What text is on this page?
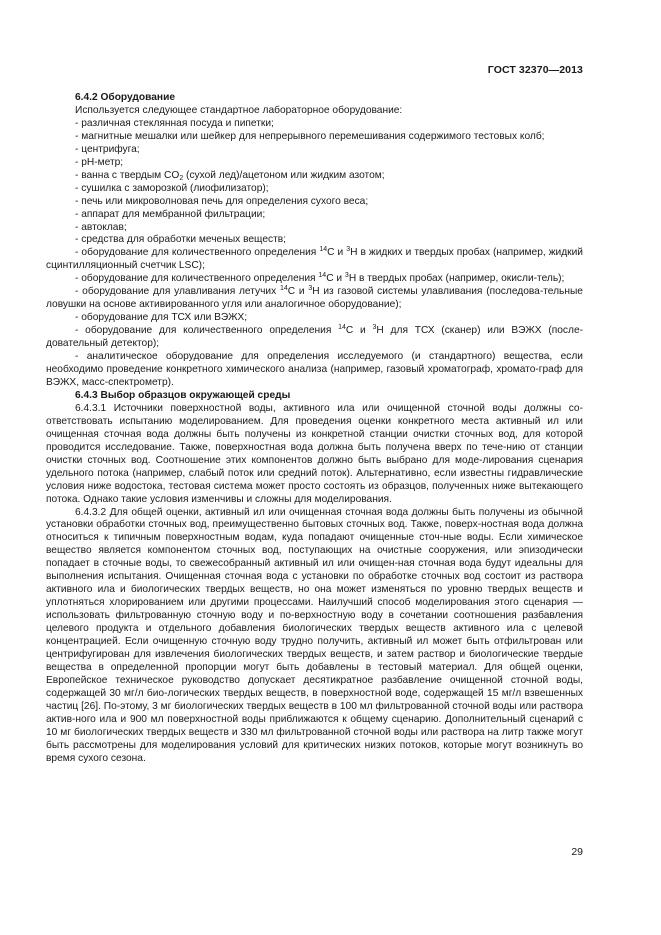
ГОСТ 32370—2013

6.4.2 Оборудование

Используется следующее стандартное лабораторное оборудование:

- различная стеклянная посуда и пипетки;

- магнитные мешалки или шейкер для непрерывного перемешивания содержимого тестовых колб;

- центрифуга;

- pH-метр;

- ванна с твердым $CO_2$ (сухой лед)/ацетоном или жидким азотом;

- сушилка с заморозкой (лиофилизатор);

- печь или микроволновая печь для определения сухого веса;

- аппарат для мембранной фильтрации;

- автоклав;

- средства для обработки меченых веществ;

- оборудование для количественного определения $^{14}$C и $^3$H в жидких и твердых пробах (например, жидкий сцинтилляционный счетчик LSC);

- оборудование для количественного определения $^{14}$C и $^3$H в твердых пробах (например, окисли-тель);

- оборудование для улавливания летучих $^{14}$C и $^3$H из газовой системы улавливания (последова-тельные ловушки на основе активированного угля или аналогичное оборудование);

- оборудование для ТСХ или ВЭЖХ;

- оборудование для количественного определения $^{14}$C и $^3$H для ТСХ (сканер) или ВЭЖХ (после-довательный детектор);

- аналитическое оборудование для определения исследуемого (и стандартного) вещества, если необходимо проведение конкретного химического анализа (например, газовый хроматограф, хромато-граф для ВЭЖХ, масс-спектрометр).

6.4.3 Выбор образцов окружающей среды

6.4.3.1 Источники поверхностной воды, активного ила или очищенной сточной воды должны со-ответствовать испытанию моделированием. Для проведения оценки конкретного места активный ил или очищенная сточная вода должны быть получены из конкретной станции очистки сточных вод, для которой проводится исследование. Также, поверхностная вода должна быть получена вверх по тече-нию от станции очистки сточных вод. Соотношение этих компонентов должно быть выбрано для моде-лирования сценария удельного потока (например, слабый поток или средний поток). Альтернативно, если известны гидравлические условия ниже водостока, тестовая система может просто состоять из образцов, полученных ниже вытекающего потока. Однако такие условия изменчивы и сложны для моделирования.

6.4.3.2 Для общей оценки, активный ил или очищенная сточная вода должны быть получены из обычной установки обработки сточных вод, преимущественно бытовых сточных вод. Также, поверх-ностная вода должна относиться к типичным поверхностным водам, куда попадают очищенные сточ-ные воды. Если химическое вещество является компонентом сточных вод, поступающих на очистные сооружения, или эпизодически попадает в сточные воды, то свежесобранный активный ил или очищен-ная сточная вода будут идеальны для выполнения испытания. Очищенная сточная вода с установки по обработке сточных вод состоит из раствора активного ила и биологических твердых веществ, но она может изменяться по уровню твердых веществ и уплотняться хлорированием или другими процессами. Наилучший способ моделирования этого сценария — использовать фильтрованную сточную воду и по-верхностную воду в сочетании соотношения разбавления целевого продукта и отдельного добавления биологических твердых веществ активного ила с целевой концентрацией. Если очищенную сточную воду трудно получить, активный ил может быть отфильтрован или центрифугирован для извлечения биологических твердых веществ, и затем раствор и биологические твердые вещества в определенной пропорции могут быть добавлены в тестовый материал. Для общей оценки, Европейское техническое руководство допускает десятикратное разбавление очищенной сточной воды, содержащей 30 мг/л био-логических твердых веществ, в поверхностной воде, содержащей 15 мг/л взвешенных частиц [26]. По-этому, 3 мг биологических твердых веществ в 100 мл фильтрованной сточной воды или раствора актив-ного ила и 900 мл поверхностной воды приближаются к общему сценарию. Дополнительный сценарий с 10 мг биологических твердых веществ и 330 мл фильтрованной сточной воды или раствора на литр также могут быть рассмотрены для моделирования условий для критических низких потоков, которые могут возникнуть во время сухого сезона.

29
